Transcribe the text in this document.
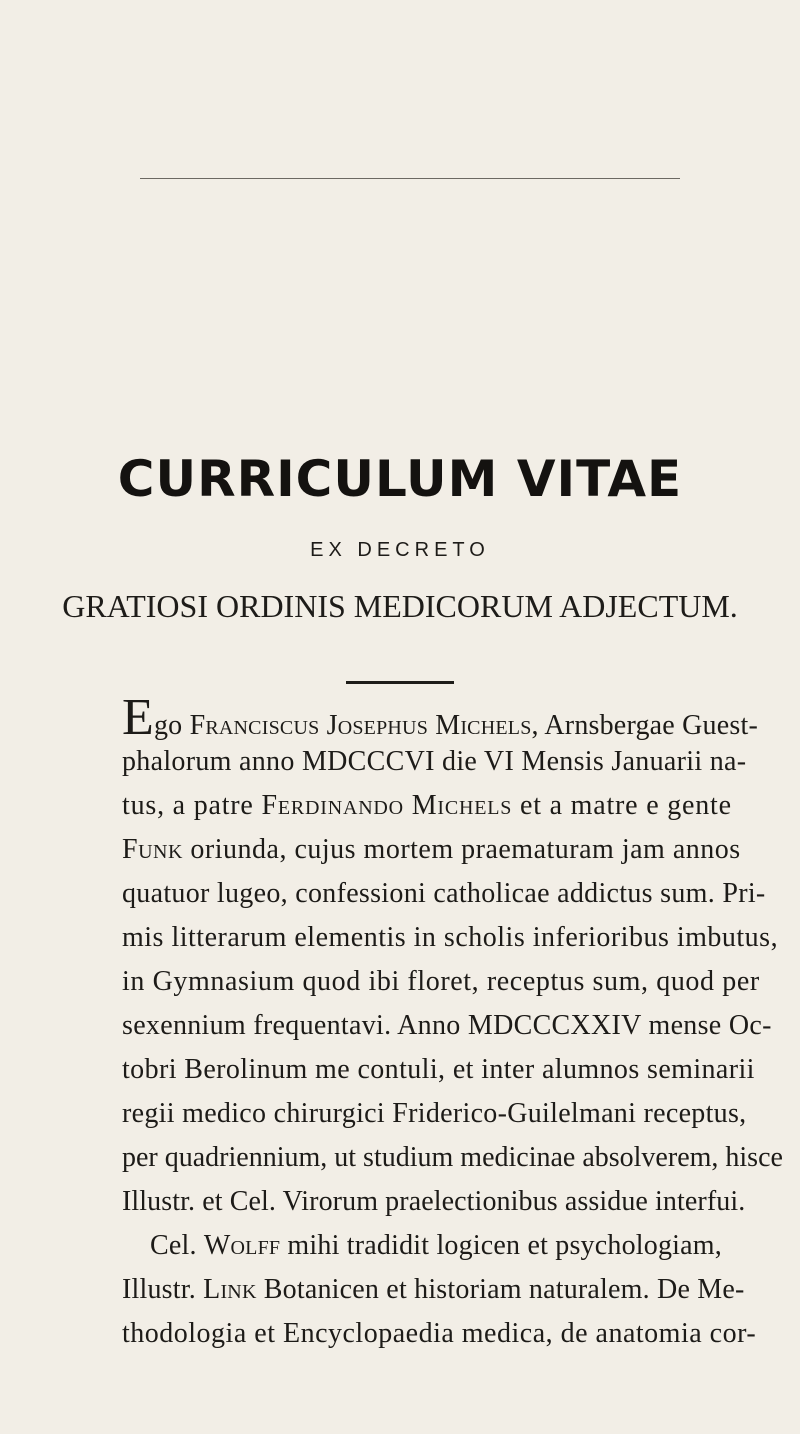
CURRICULUM VITAE
EX DECRETO
GRATIOSI ORDINIS MEDICORUM ADJECTUM.
Ego Franciscus Josephus Michels, Arnsbergae Guest-
phalorum anno MDCCCVI die VI Mensis Januarii na-
tus, a patre Ferdinando Michels et a matre e gente
Funk oriunda, cujus mortem praematuram jam annos
quatuor lugeo, confessioni catholicae addictus sum. Pri-
mis litterarum elementis in scholis inferioribus imbutus,
in Gymnasium quod ibi floret, receptus sum, quod per
sexennium frequentavi. Anno MDCCCXXIV mense Oc-
tobri Berolinum me contuli, et inter alumnos seminarii
regii medico chirurgici Friderico-Guilelmani receptus,
per quadriennium, ut studium medicinae absolverem, hisce
Illustr. et Cel. Virorum praelectionibus assidue interfui.
Cel. Wolff mihi tradidit logicen et psychologiam,
Illustr. Link Botanicen et historiam naturalem. De Me-
thodologia et Encyclopaedia medica, de anatomia cor-
